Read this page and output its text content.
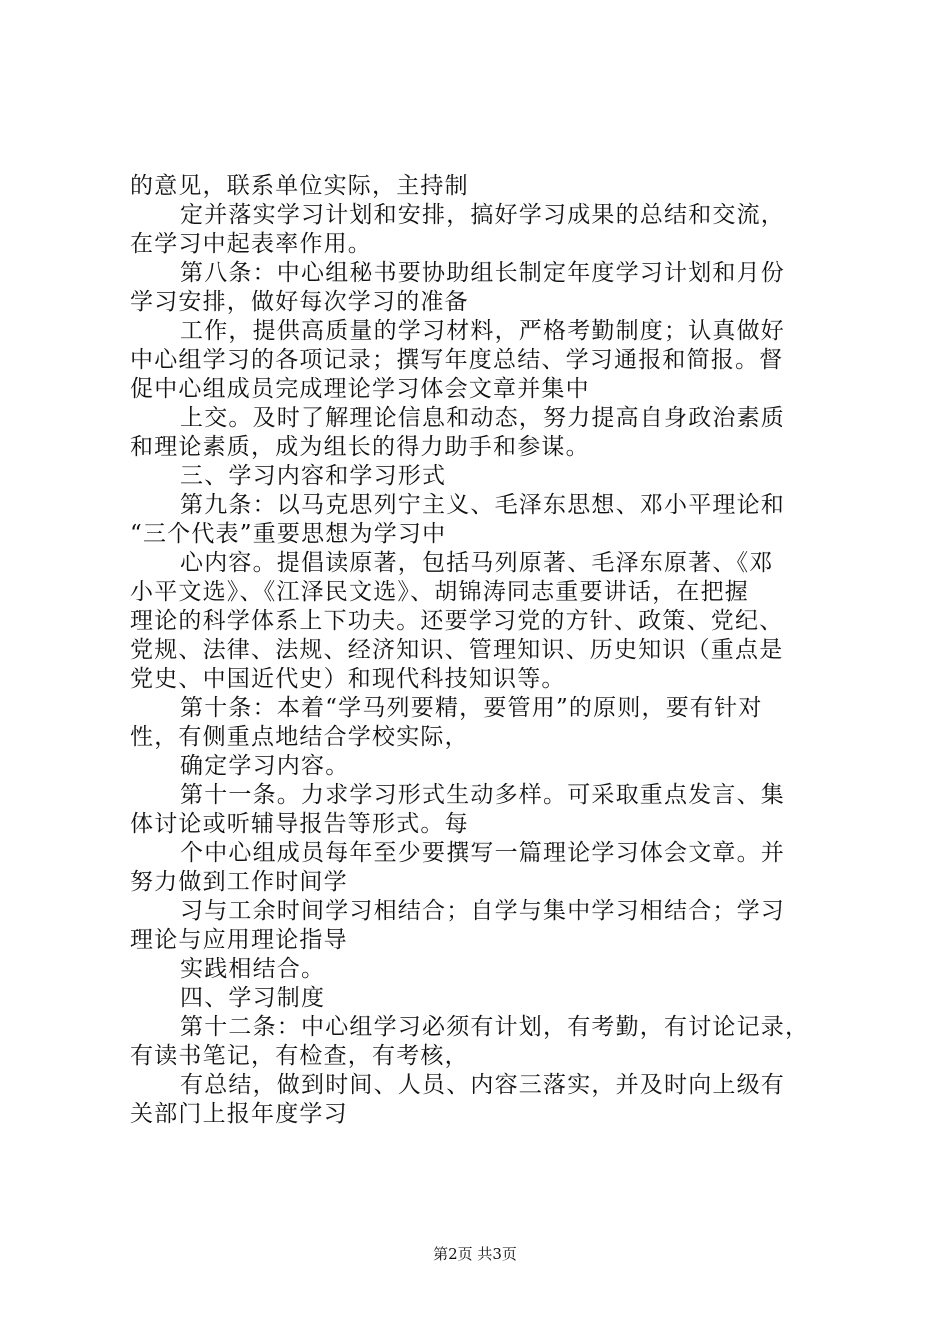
的意见，联系单位实际，主持制
定并落实学习计划和安排，搞好学习成果的总结和交流，
在学习中起表率作用。
第八条：中心组秘书要协助组长制定年度学习计划和月份
学习安排，做好每次学习的准备
工作，提供高质量的学习材料，严格考勤制度；认真做好
中心组学习的各项记录；撰写年度总结、学习通报和简报。督
促中心组成员完成理论学习体会文章并集中
上交。及时了解理论信息和动态，努力提高自身政治素质
和理论素质，成为组长的得力助手和参谋。
三、学习内容和学习形式
第九条：以马克思列宁主义、毛泽东思想、邓小平理论和
“三个代表”重要思想为学习中
心内容。提倡读原著，包括马列原著、毛泽东原著、《邓
小平文选》、《江泽民文选》、胡锦涛同志重要讲话，在把握
理论的科学体系上下功夫。还要学习党的方针、政策、党纪、
党规、法律、法规、经济知识、管理知识、历史知识（重点是
党史、中国近代史）和现代科技知识等。
第十条：本着“学马列要精，要管用”的原则，要有针对
性，有侧重点地结合学校实际，
确定学习内容。
第十一条。力求学习形式生动多样。可采取重点发言、集
体讨论或听辅导报告等形式。每
个中心组成员每年至少要撰写一篇理论学习体会文章。并
努力做到工作时间学
习与工余时间学习相结合；自学与集中学习相结合；学习
理论与应用理论指导
实践相结合。
四、学习制度
第十二条：中心组学习必须有计划，有考勤，有讨论记录，
有读书笔记，有检查，有考核，
有总结，做到时间、人员、内容三落实，并及时向上级有
关部门上报年度学习
第2页 共3页
